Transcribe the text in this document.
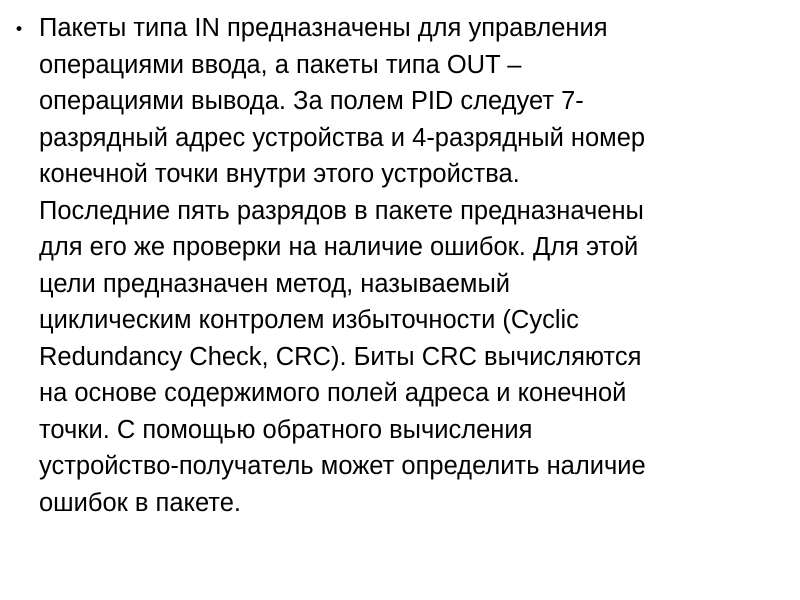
• Пакеты типа IN предназначены для управления
операциями ввода, а пакеты типа OUT –
операциями вывода. За полем PID следует 7-
разрядный адрес устройства и 4-разрядный номер
конечной точки внутри этого устройства.
Последние пять разрядов в пакете предназначены
для его же проверки на наличие ошибок. Для этой
цели предназначен метод, называемый
циклическим контролем избыточности (Cyclic
Redundancy Check, CRC). Биты CRC вычисляются
на основе содержимого полей адреса и конечной
точки. С помощью обратного вычисления
устройство-получатель может определить наличие
ошибок в пакете.
